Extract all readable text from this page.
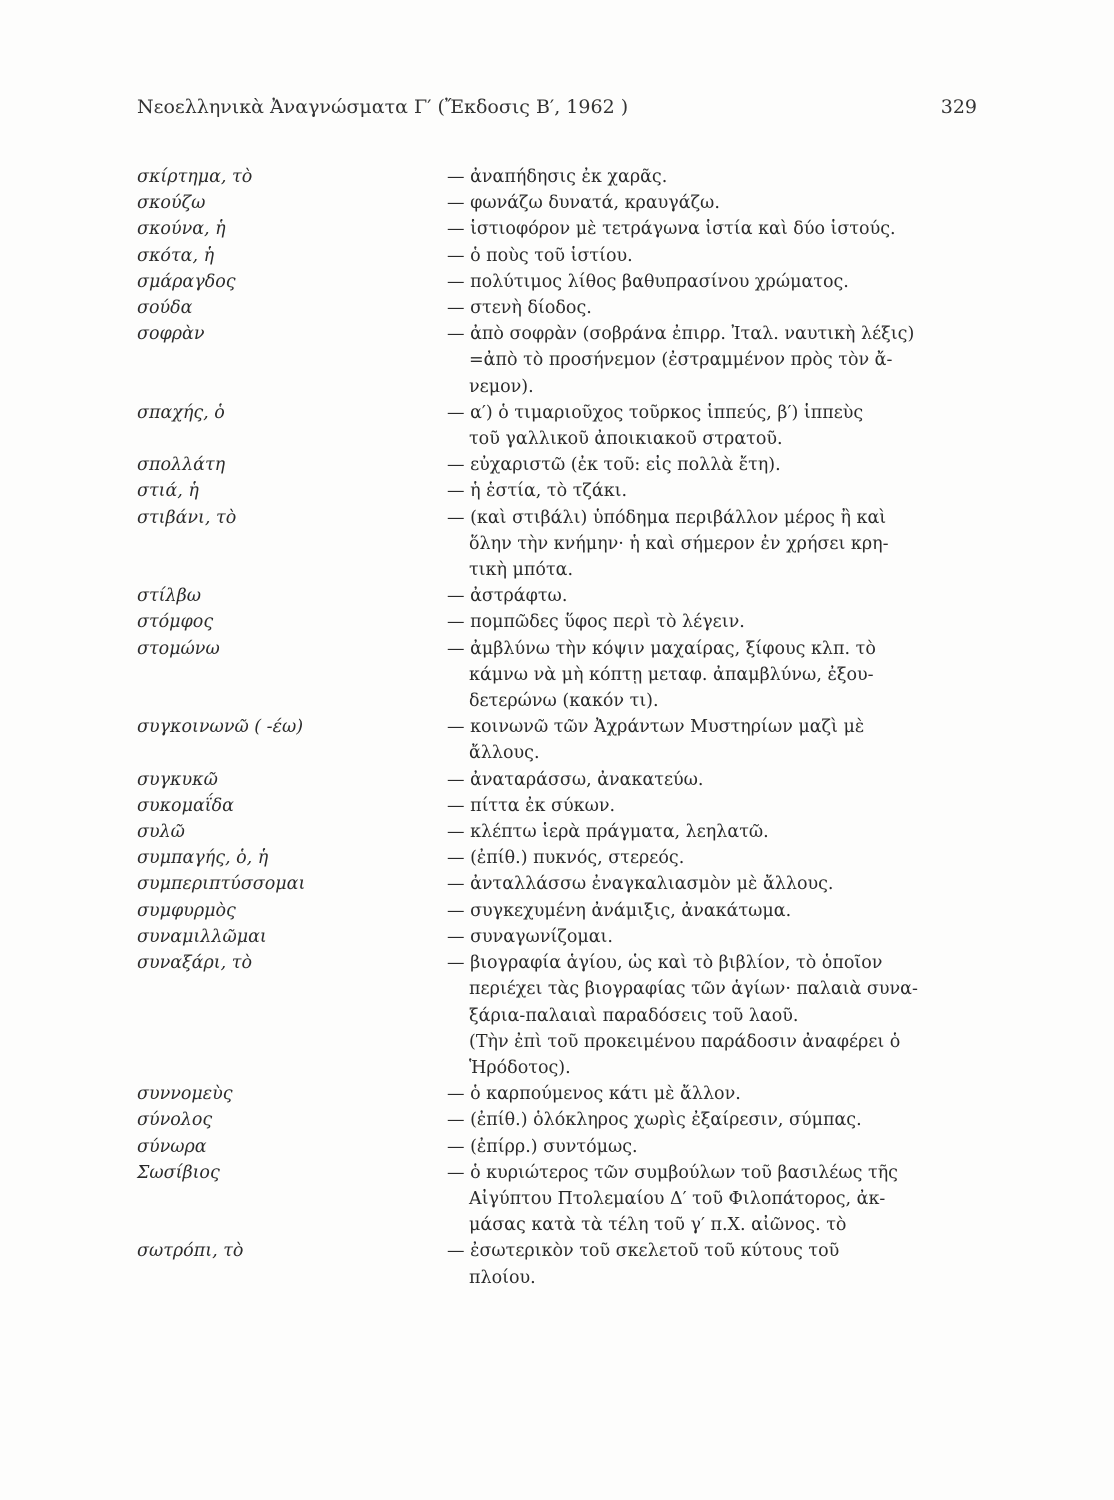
Νεοελληνικὰ Ἀναγνώσματα Γ′ (Ἔκδοσις Β′, 1962 )	329
σκίρτημα, τὸ	— ἀναπήδησις ἐκ χαρᾶς.
σκούζω	— φωνάζω δυνατά, κραυγάζω.
σκούνα, ἡ	— ἱστιοφόρον μὲ τετράγωνα ἱστία καὶ δύο ἱστούς.
σκότα, ἡ	— ὁ ποὺς τοῦ ἱστίου.
σμάραγδος	— πολύτιμος λίθος βαθυπρασίνου χρώματος.
σούδα	— στενὴ δίοδος.
σοφρὰν	— ἀπὸ σοφρὰν (σοβράνα ἐπιρρ. Ἰταλ. ναυτικὴ λέξις)
=ἀπὸ τὸ προσήνεμον (ἐστραμμένον πρὸς τὸν ἄ-
νεμον).
σπαχής, ὁ	— α′) ὁ τιμαριοῦχος τοῦρκος ἱππεύς, β′) ἱππεὺς
τοῦ γαλλικοῦ ἀποικιακοῦ στρατοῦ.
σπολλάτη	— εὐχαριστῶ (ἐκ τοῦ: εἰς πολλὰ ἔτη).
στιά, ἡ	— ἡ ἑστία, τὸ τζάκι.
στιβάνι, τὸ	— (καὶ στιβάλι) ὑπόδημα περιβάλλον μέρος ἢ καὶ
ὅλην τὴν κνήμην· ἡ καὶ σήμερον ἐν χρήσει κρη-
τικὴ μπότα.
στίλβω	— ἀστράφτω.
στόμφος	— πομπῶδες ὕφος περὶ τὸ λέγειν.
στομώνω	— ἀμβλύνω τὴν κόψιν μαχαίρας, ξίφους κλπ. τὸ
κάμνω νὰ μὴ κόπτῃ μεταφ. ἀπαμβλύνω, ἐξου-
δετερώνω (κακόν τι).
συγκοινωνῶ ( -έω)	— κοινωνῶ τῶν Ἀχράντων Μυστηρίων μαζὶ μὲ
ἄλλους.
συγκυκῶ	— ἀναταράσσω, ἀνακατεύω.
συκομαΐδα	— πίττα ἐκ σύκων.
συλῶ	— κλέπτω ἱερὰ πράγματα, λεηλατῶ.
συμπαγής, ὁ, ἡ	— (ἐπίθ.) πυκνός, στερεός.
συμπεριπτύσσομαι	— ἀνταλλάσσω ἐναγκαλιασμὸν μὲ ἄλλους.
συμφυρμὸς	— συγκεχυμένη ἀνάμιξις, ἀνακάτωμα.
συναμιλλῶμαι	— συναγωνίζομαι.
συναξάρι, τὸ	— βιογραφία ἁγίου, ὡς καὶ τὸ βιβλίον, τὸ ὁποῖον
περιέχει τὰς βιογραφίας τῶν ἁγίων· παλαιὰ συνα-
ξάρια-παλαιαὶ παραδόσεις τοῦ λαοῦ.
(Τὴν ἐπὶ τοῦ προκειμένου παράδοσιν ἀναφέρει ὁ
Ἡρόδοτος).
συννομεὺς	— ὁ καρπούμενος κάτι μὲ ἄλλον.
σύνολος	— (ἐπίθ.) ὁλόκληρος χωρὶς ἐξαίρεσιν, σύμπας.
σύνωρα	— (ἐπίρρ.) συντόμως.
Σωσίβιος	— ὁ κυριώτερος τῶν συμβούλων τοῦ βασιλέως τῆς
Αἰγύπτου Πτολεμαίου Δ′ τοῦ Φιλοπάτορος, ἀκ-
μάσας κατὰ τὰ τέλη τοῦ γ′ π.Χ. αἰῶνος. τὸ
σωτρόπι, τὸ	— ἐσωτερικὸν τοῦ σκελετοῦ τοῦ κύτους τοῦ
πλοίου.
